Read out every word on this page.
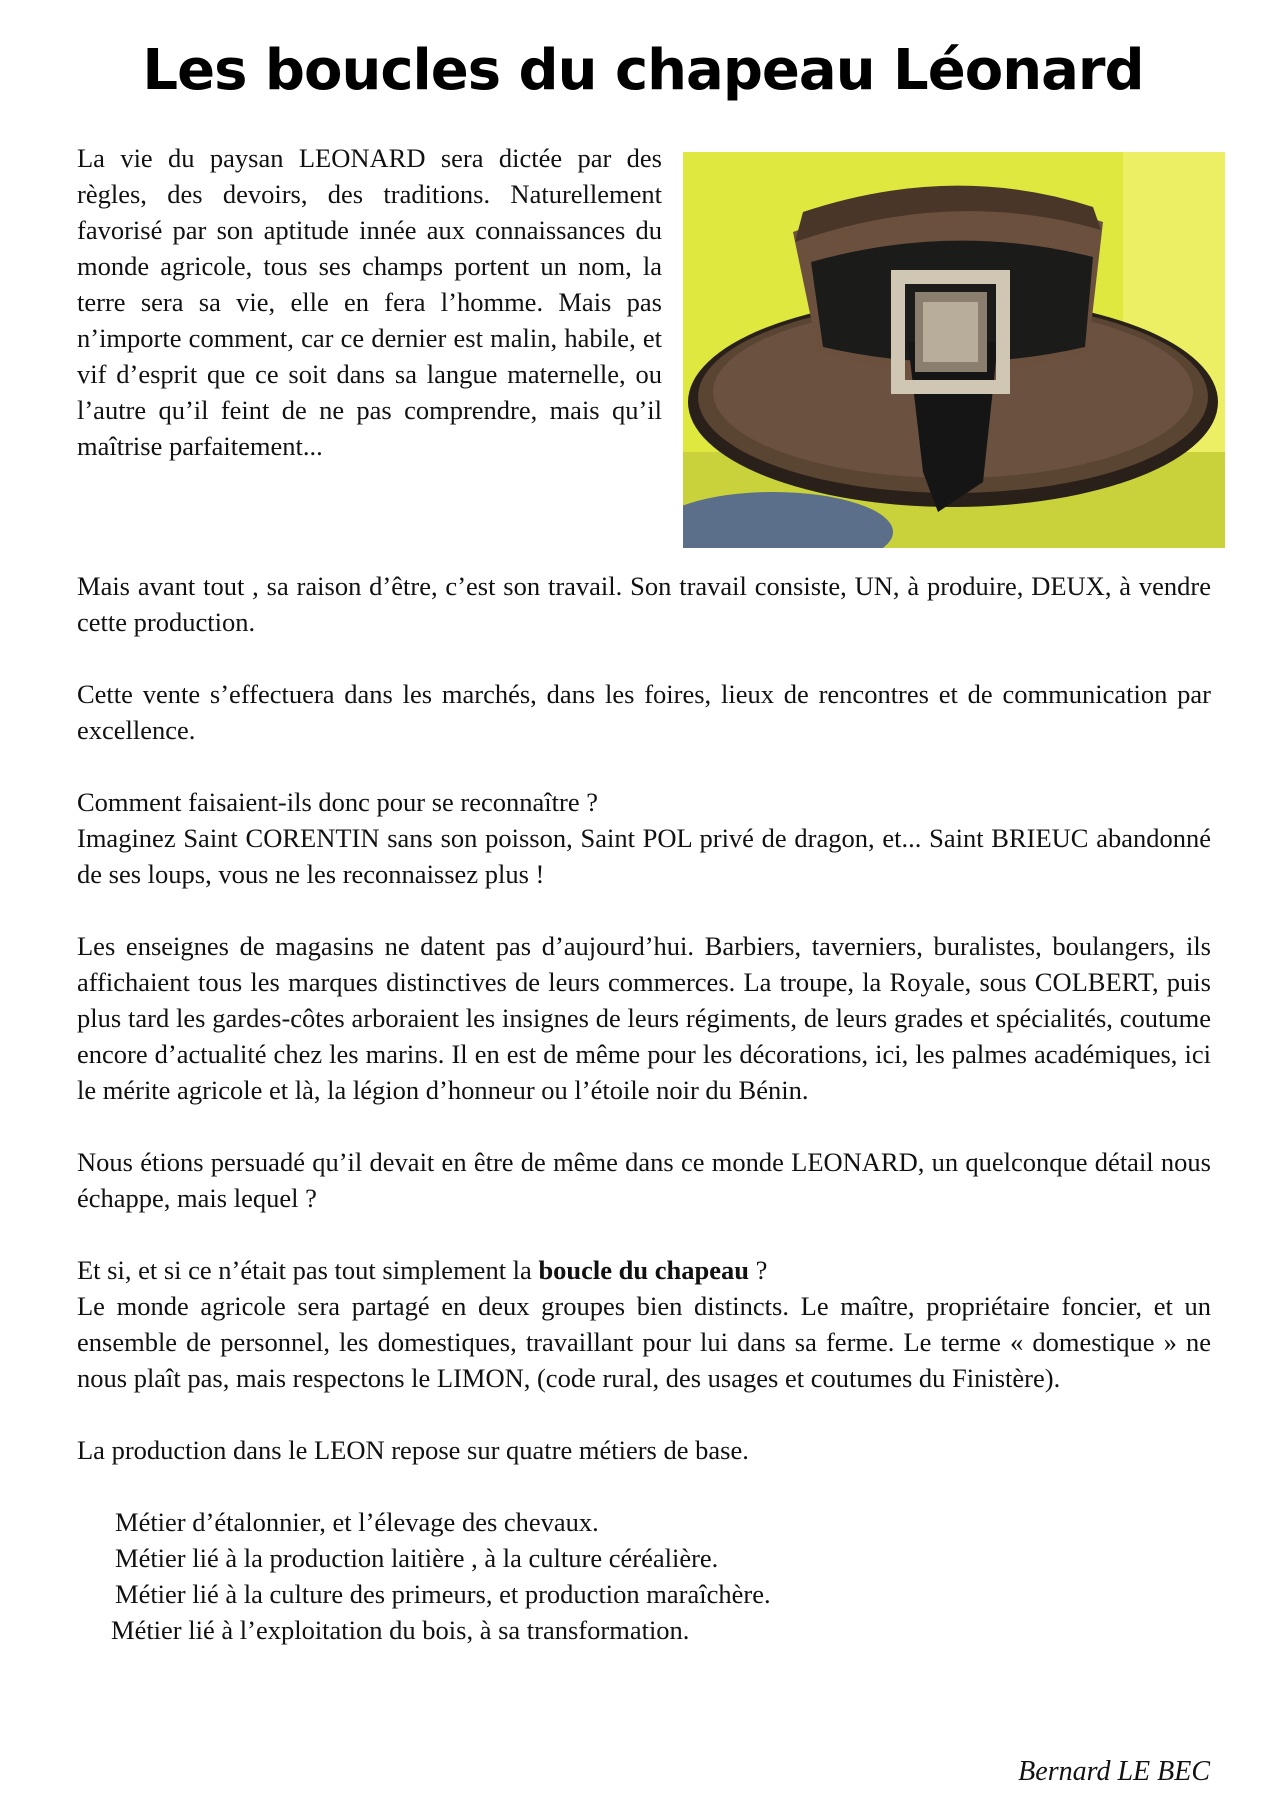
Les boucles du chapeau Léonard
La vie du paysan LEONARD sera dictée par des règles, des devoirs, des traditions. Naturellement favorisé par son aptitude innée aux connaissances du monde agricole, tous ses champs portent un nom, la terre sera sa vie, elle en fera l’homme. Mais pas n’importe comment, car ce dernier est malin, habile, et vif d’esprit que ce soit dans sa langue maternelle, ou l’autre qu’il feint de ne pas comprendre, mais qu’il maîtrise parfaitement...

Mais avant tout , sa raison d’être, c’est son travail. Son travail consiste, UN, à produire, DEUX, à vendre cette production.

Cette vente s’effectuera dans les marchés, dans les foires, lieux de rencontres et de communication par excellence.

Comment faisaient-ils donc pour se reconnaître ?

Imaginez Saint CORENTIN sans son poisson, Saint POL privé de dragon, et... Saint BRIEUC abandonné de ses loups, vous ne les reconnaissez plus !

Les enseignes de magasins ne datent pas d’aujourd’hui. Barbiers, taverniers, buralistes, boulangers, ils affichaient tous les marques distinctives de leurs commerces. La troupe, la Royale, sous COLBERT, puis plus tard les gardes-côtes arboraient les insignes de leurs régiments, de leurs grades et spécialités, coutume encore d’actualité chez les marins. Il en est de même pour les décorations, ici, les palmes académiques, ici le mérite agricole et là, la légion d’honneur ou l’étoile noir du Bénin.

Nous étions persuadé qu’il devait en être de même dans ce monde LEONARD, un quelconque détail nous échappe, mais lequel ?

Et si, et si ce n’était pas tout simplement la boucle du chapeau ?

Le monde agricole sera partagé en deux groupes bien distincts. Le maître, propriétaire foncier, et un ensemble de personnel, les domestiques, travaillant pour lui dans sa ferme. Le terme « domestique » ne nous plaît pas, mais respectons le LIMON, (code rural, des usages et coutumes du Finistère).

La production dans le LEON repose sur quatre métiers de base.

Métier d’étalonnier, et l’élevage des chevaux.
Métier lié à la production laitière , à la culture céréalière.
Métier lié à la culture des primeurs, et production maraîchère.
Métier lié à l’exploitation du bois, à sa transformation.
Bernard LE BEC
